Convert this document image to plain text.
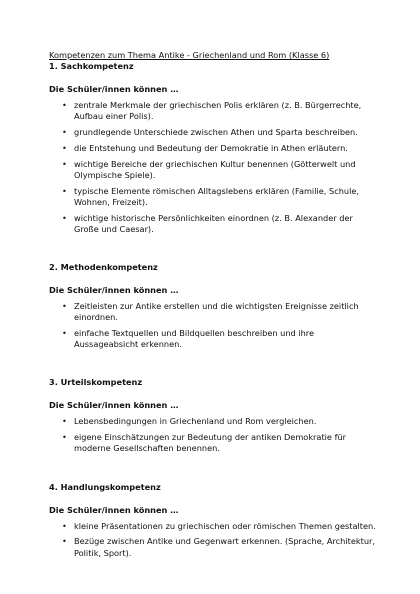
Kompetenzen zum Thema Antike - Griechenland und Rom (Klasse 6)
1. Sachkompetenz
Die Schüler/innen können …
• zentrale Merkmale der griechischen Polis erklären (z. B. Bürgerrechte, Aufbau einer Polis).
• grundlegende Unterschiede zwischen Athen und Sparta beschreiben.
• die Entstehung und Bedeutung der Demokratie in Athen erläutern.
• wichtige Bereiche der griechischen Kultur benennen (Götterwelt und Olympische Spiele).
• typische Elemente römischen Alltagslebens erklären (Familie, Schule, Wohnen, Freizeit).
• wichtige historische Persönlichkeiten einordnen (z. B. Alexander der Große und Caesar).
2. Methodenkompetenz
Die Schüler/innen können …
• Zeitleisten zur Antike erstellen und die wichtigsten Ereignisse zeitlich einordnen.
• einfache Textquellen und Bildquellen beschreiben und ihre Aussageabsicht erkennen.
3. Urteilskompetenz
Die Schüler/innen können …
• Lebensbedingungen in Griechenland und Rom vergleichen.
• eigene Einschätzungen zur Bedeutung der antiken Demokratie für moderne Gesellschaften benennen.
4. Handlungskompetenz
Die Schüler/innen können …
• kleine Präsentationen zu griechischen oder römischen Themen gestalten.
• Bezüge zwischen Antike und Gegenwart erkennen. (Sprache, Architektur, Politik, Sport).
